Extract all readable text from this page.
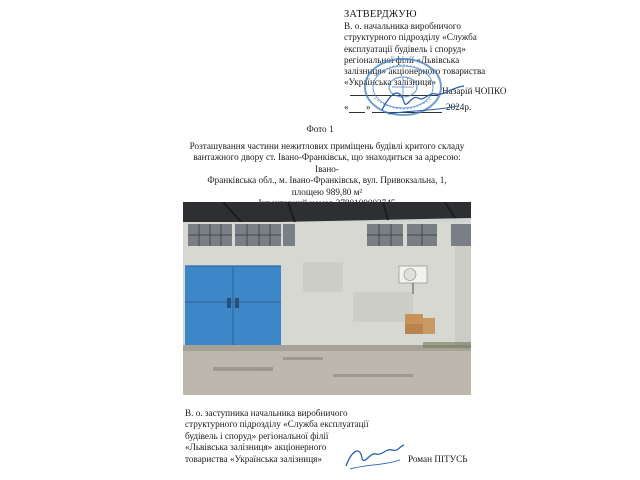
ЗАТВЕРДЖУЮ
В. о. начальника виробничого
структурного підрозділу «Служба
експлуатації будівель і споруд»
регіональної філії «Львівська
залізниця» акціонерного товариства
«Українська залізниця»
Назарій ЧОПКО
« »	2024р.
Фото 1
Розташування частини нежитлових приміщень будівлі критого складу
вантажного двору ст. Івано-Франківськ, що знаходиться за адресою: Івано-
Франківська обл., м. Івано-Франківськ, вул. Привокзальна, 1,
площею 989,80 м²
В. о. заступника начальника виробничого
структурного підрозділу «Служба експлуатації
будівель і споруд» регіональної філії
«Львівська залізниця» акціонерного
товариства «Українська залізниця»	Роман ПІТУСЬ
